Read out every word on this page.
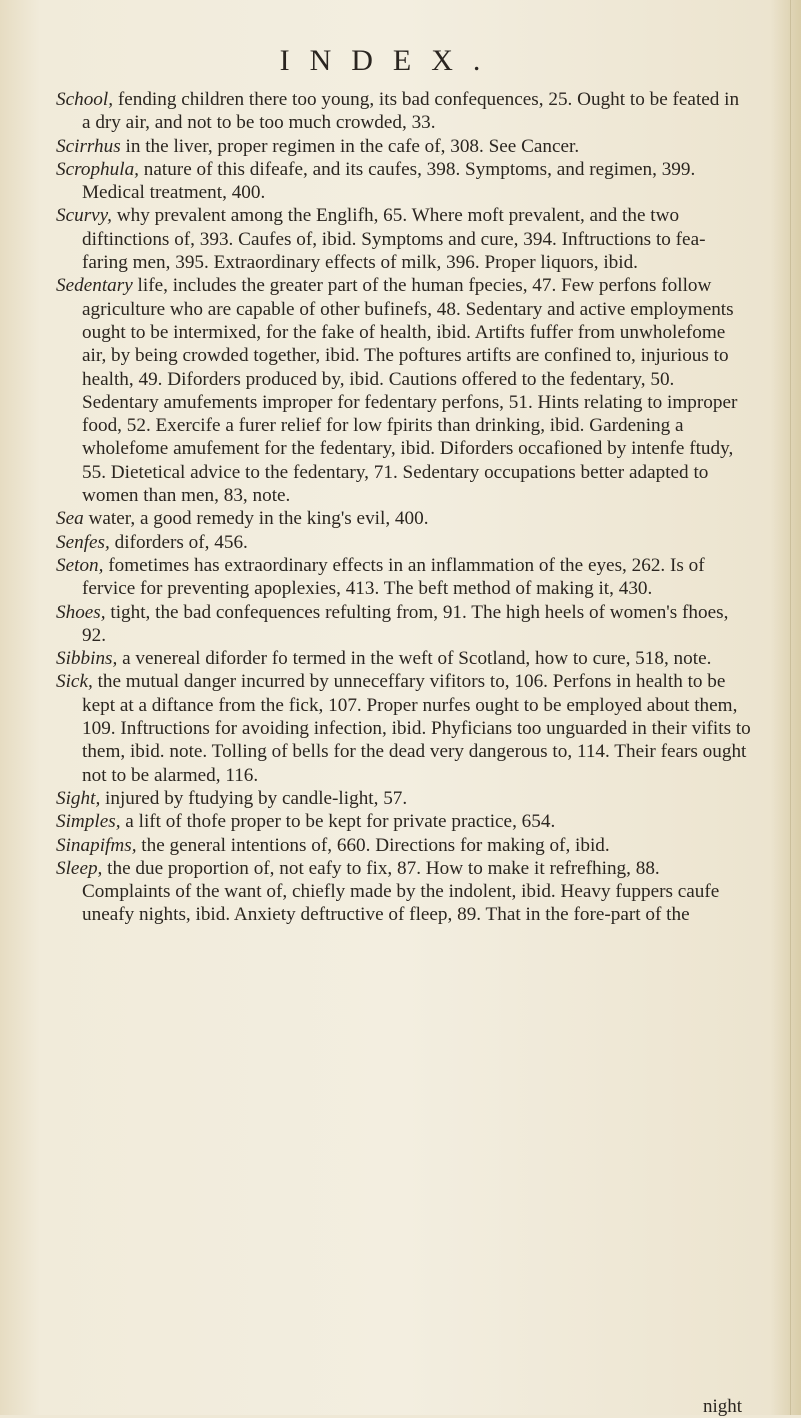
INDEX.

School, fending children there too young, its bad confequences, 25. Ought to be feated in a dry air, and not to be too much crowded, 33.

Scirrhus in the liver, proper regimen in the cafe of, 308. See Cancer.

Scrophula, nature of this difeafe, and its caufes, 398. Symptoms, and regimen, 399. Medical treatment, 400.

Scurvy, why prevalent among the Englifh, 65. Where moft prevalent, and the two diftinctions of, 393. Caufes of, ibid. Symptoms and cure, 394. Inftructions to fea-faring men, 395. Extraordinary effects of milk, 396. Proper liquors, ibid.

Sedentary life, includes the greater part of the human fpecies, 47. Few perfons follow agriculture who are capable of other bufinefs, 48. Sedentary and active employments ought to be intermixed, for the fake of health, ibid. Artifts fuffer from unwholefome air, by being crowded together, ibid. The poftures artifts are confined to, injurious to health, 49. Diforders produced by, ibid. Cautions offered to the fedentary, 50. Sedentary amufements improper for fedentary perfons, 51. Hints relating to improper food, 52. Exercife a furer relief for low fpirits than drinking, ibid. Gardening a wholefome amufement for the fedentary, ibid. Diforders occafioned by intenfe ftudy, 55. Dietetical advice to the fedentary, 71. Sedentary occupations better adapted to women than men, 83, note.

Sea water, a good remedy in the king's evil, 400.

Senfes, diforders of, 456.

Seton, fometimes has extraordinary effects in an inflammation of the eyes, 262. Is of fervice for preventing apoplexies, 413. The beft method of making it, 430.

Shoes, tight, the bad confequences refulting from, 91. The high heels of women's fhoes, 92.

Sibbins, a venereal diforder fo termed in the weft of Scotland, how to cure, 518, note.

Sick, the mutual danger incurred by unneceffary vifitors to, 106. Perfons in health to be kept at a diftance from the fick, 107. Proper nurfes ought to be employed about them, 109. Inftructions for avoiding infection, ibid. Phyficians too unguarded in their vifits to them, ibid. note. Tolling of bells for the dead very dangerous to, 114. Their fears ought not to be alarmed, 116.

Sight, injured by ftudying by candle-light, 57.

Simples, a lift of thofe proper to be kept for private practice, 654.

Sinapifms, the general intentions of, 660. Directions for making of, ibid.

Sleep, the due proportion of, not eafy to fix, 87. How to make it refrefhing, 88. Complaints of the want of, chiefly made by the indolent, ibid. Heavy fuppers caufe uneafy nights, ibid. Anxiety deftructive of fleep, 89. That in the fore-part of the

night
